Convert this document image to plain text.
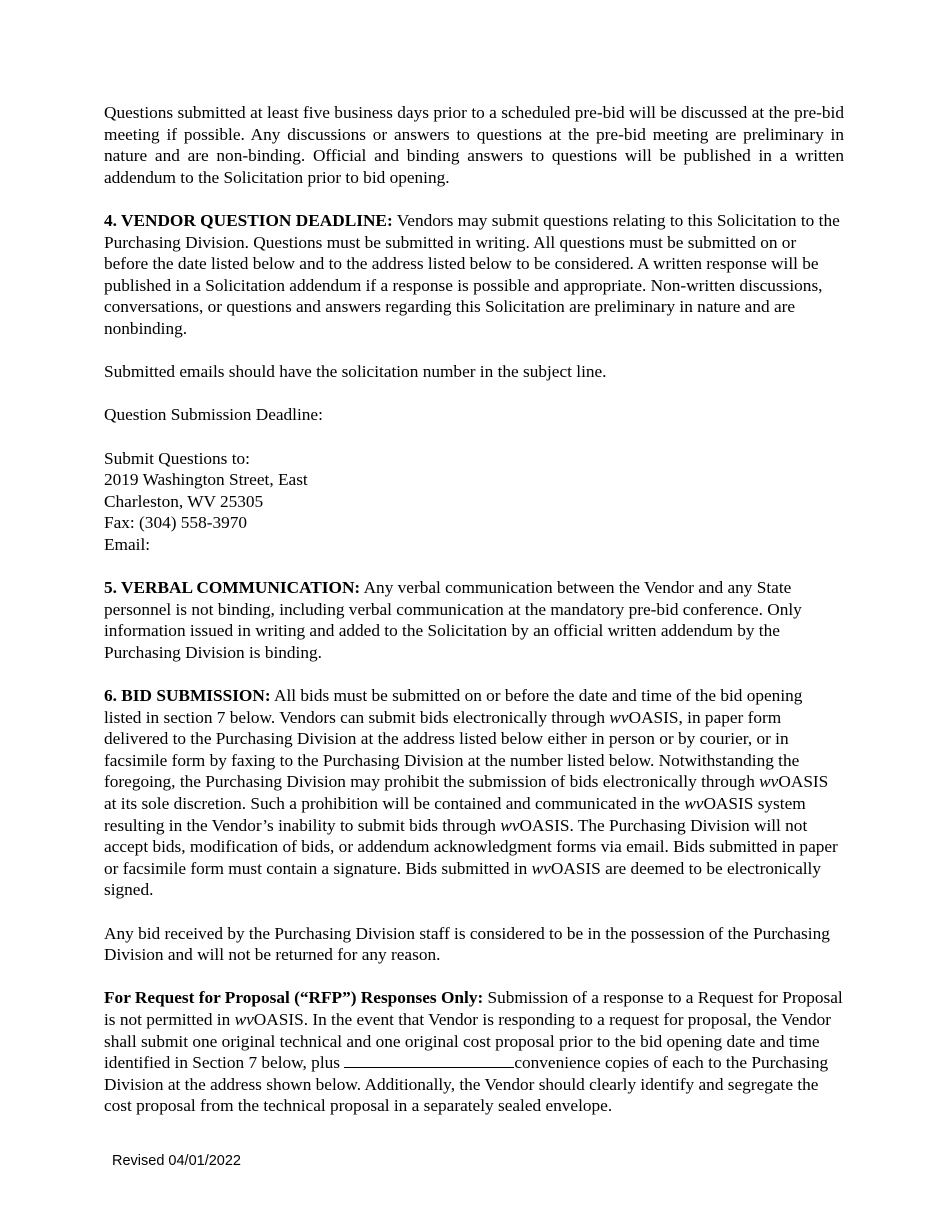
Questions submitted at least five business days prior to a scheduled pre-bid will be discussed at the pre-bid meeting if possible. Any discussions or answers to questions at the pre-bid meeting are preliminary in nature and are non-binding. Official and binding answers to questions will be published in a written addendum to the Solicitation prior to bid opening.

4. VENDOR QUESTION DEADLINE: Vendors may submit questions relating to this Solicitation to the Purchasing Division. Questions must be submitted in writing. All questions must be submitted on or before the date listed below and to the address listed below to be considered. A written response will be published in a Solicitation addendum if a response is possible and appropriate. Non-written discussions, conversations, or questions and answers regarding this Solicitation are preliminary in nature and are nonbinding.

Submitted emails should have the solicitation number in the subject line.

Question Submission Deadline:

Submit Questions to:
2019 Washington Street, East
Charleston, WV 25305
Fax: (304) 558-3970
Email:

5. VERBAL COMMUNICATION: Any verbal communication between the Vendor and any State personnel is not binding, including verbal communication at the mandatory pre-bid conference. Only information issued in writing and added to the Solicitation by an official written addendum by the Purchasing Division is binding.

6. BID SUBMISSION: All bids must be submitted on or before the date and time of the bid opening listed in section 7 below. Vendors can submit bids electronically through wvOASIS, in paper form delivered to the Purchasing Division at the address listed below either in person or by courier, or in facsimile form by faxing to the Purchasing Division at the number listed below. Notwithstanding the foregoing, the Purchasing Division may prohibit the submission of bids electronically through wvOASIS at its sole discretion. Such a prohibition will be contained and communicated in the wvOASIS system resulting in the Vendor’s inability to submit bids through wvOASIS. The Purchasing Division will not accept bids, modification of bids, or addendum acknowledgment forms via email. Bids submitted in paper or facsimile form must contain a signature. Bids submitted in wvOASIS are deemed to be electronically signed.

Any bid received by the Purchasing Division staff is considered to be in the possession of the Purchasing Division and will not be returned for any reason.

For Request for Proposal (“RFP”) Responses Only: Submission of a response to a Request for Proposal is not permitted in wvOASIS. In the event that Vendor is responding to a request for proposal, the Vendor shall submit one original technical and one original cost proposal prior to the bid opening date and time identified in Section 7 below, plus	convenience copies of each to the Purchasing Division at the address shown below. Additionally, the Vendor should clearly identify and segregate the cost proposal from the technical proposal in a separately sealed envelope.

Revised 04/01/2022
